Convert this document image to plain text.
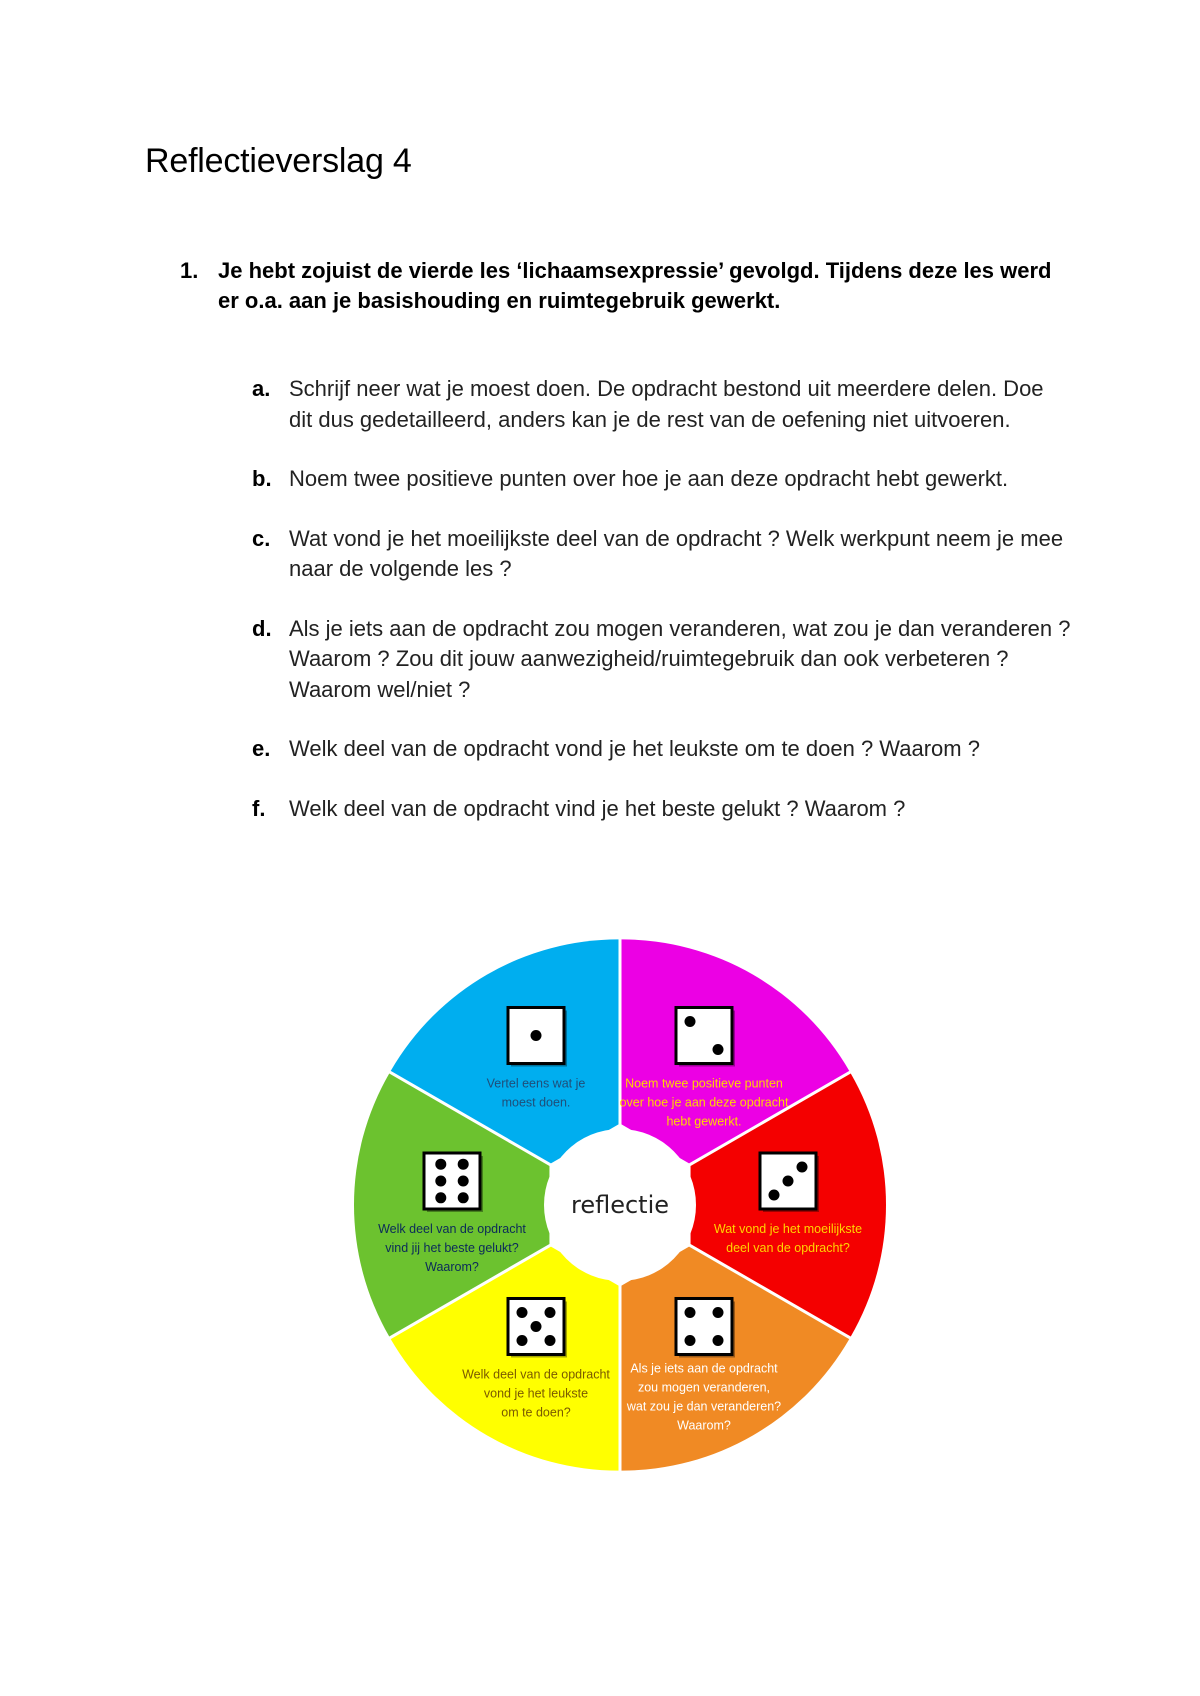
Reflectieverslag 4
1. Je hebt zojuist de vierde les ‘lichaamsexpressie’ gevolgd. Tijdens deze les werd er o.a. aan je basishouding en ruimtegebruik gewerkt.
a. Schrijf neer wat je moest doen. De opdracht bestond uit meerdere delen. Doe dit dus gedetailleerd, anders kan je de rest van de oefening niet uitvoeren.
b. Noem twee positieve punten over hoe je aan deze opdracht hebt gewerkt.
c. Wat vond je het moeilijkste deel van de opdracht ? Welk werkpunt neem je mee naar de volgende les ?
d. Als je iets aan de opdracht zou mogen veranderen, wat zou je dan veranderen ? Waarom ? Zou dit jouw aanwezigheid/ruimtegebruik dan ook verbeteren ? Waarom wel/niet ?
e. Welk deel van de opdracht vond je het leukste om te doen ? Waarom ?
f. Welk deel van de opdracht vind je het beste gelukt ? Waarom ?
Vertel eens wat je
moest doen.
Noem twee positieve punten
over hoe je aan deze opdracht
hebt gewerkt.
Wat vond je het moeilijkste
deel van de opdracht?
Als je iets aan de opdracht
zou mogen veranderen,
wat zou je dan veranderen?
Waarom?
Welk deel van de opdracht
vond je het leukste
om te doen?
Welk deel van de opdracht
vind jij het beste gelukt?
Waarom?
reflectie
